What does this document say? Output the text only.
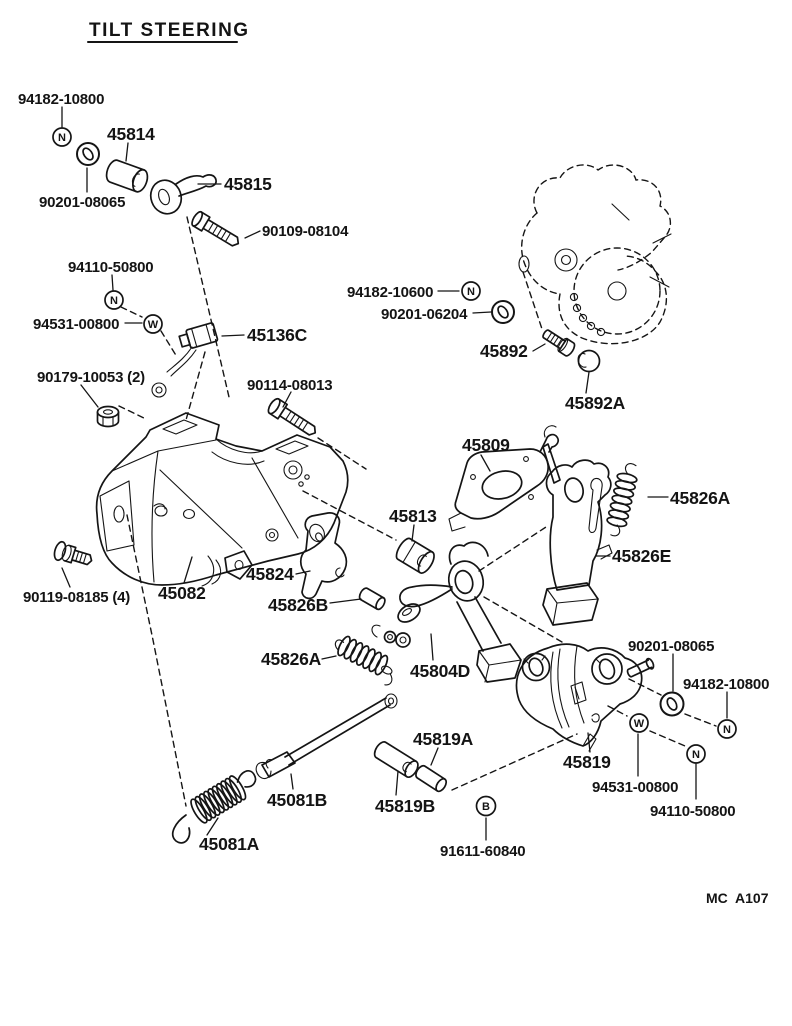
N
N
W
N
W	N
N
B
TILT STEERING
94182-10800
45814
45815
90201-08065
90109-08104
94110-50800
94531-00800
45136C
90179-10053 (2)	90114-08013
94182-10600
90201-06204
45892
45892A
45809
45826A
45813
45826E
45824
45082
45826B
90119-08185 (4)
45826A
45804D
90201-08065
94182-10800
45819A
45819
45081B	45819B
94531-00800
94110-50800
45081A	91611-60840
MC  A107
